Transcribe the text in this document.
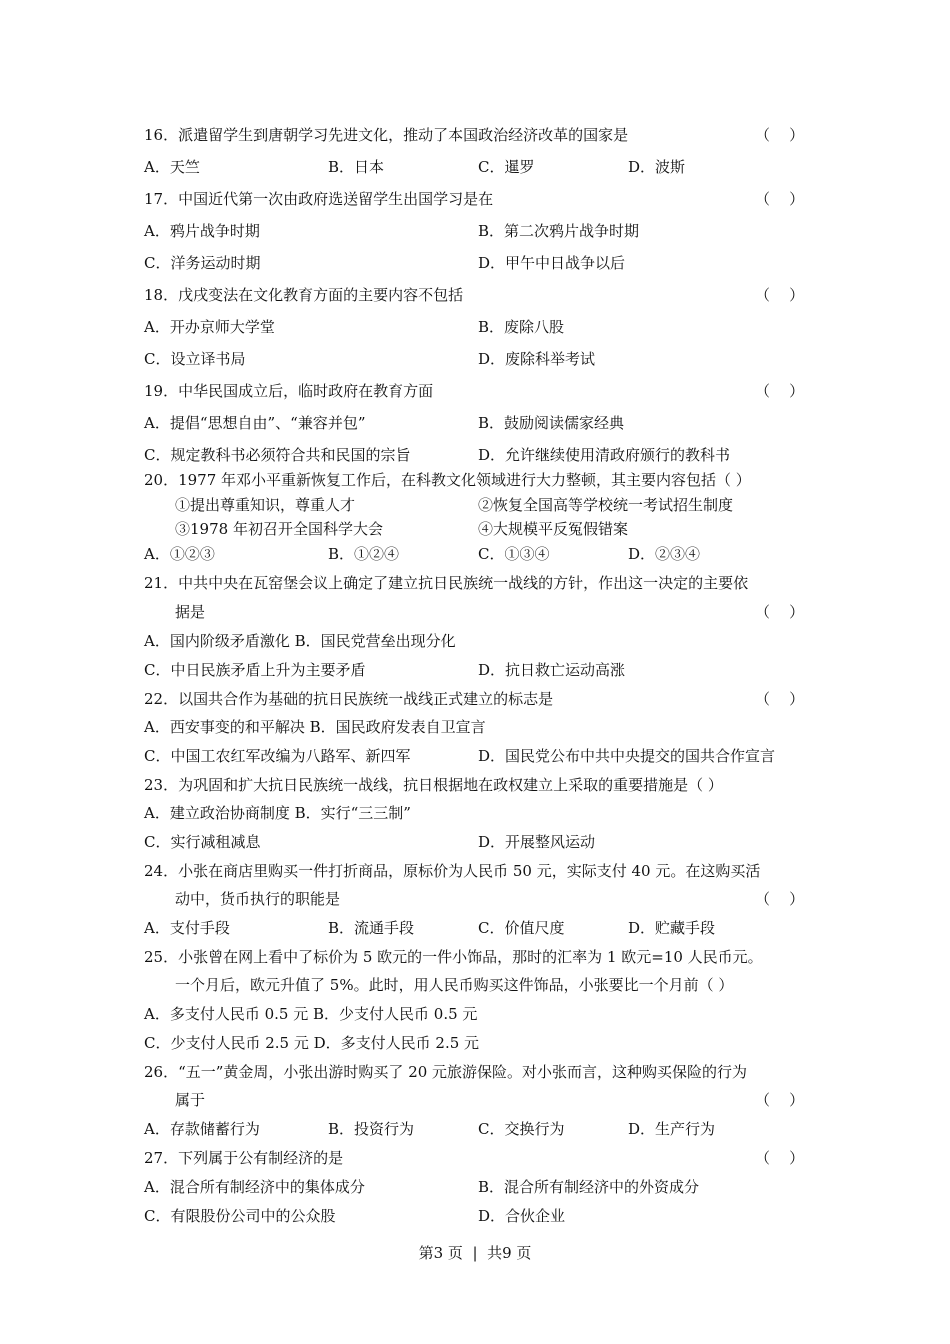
16．派遣留学生到唐朝学习先进文化，推动了本国政治经济改革的国家是	（    ）
A．天竺	B．日本	C．暹罗	D．波斯
17．中国近代第一次由政府选送留学生出国学习是在	（    ）
A．鸦片战争时期	B．第二次鸦片战争时期
C．洋务运动时期	D．甲午中日战争以后
18．戊戌变法在文化教育方面的主要内容不包括	（    ）
A．开办京师大学堂	B．废除八股
C．设立译书局	D．废除科举考试
19．中华民国成立后，临时政府在教育方面	（    ）
A．提倡“思想自由”、“兼容并包”	B．鼓励阅读儒家经典
C．规定教科书必须符合共和民国的宗旨	D．允许继续使用清政府颁行的教科书
20．1977 年邓小平重新恢复工作后，在科教文化领域进行大力整顿，其主要内容包括（ ）
①提出尊重知识，尊重人才	②恢复全国高等学校统一考试招生制度
③1978 年初召开全国科学大会	④大规模平反冤假错案
A．①②③	B．①②④	C．①③④	D．②③④
21．中共中央在瓦窑堡会议上确定了建立抗日民族统一战线的方针，作出这一决定的主要依
据是	（    ）
A．国内阶级矛盾激化 B．国民党营垒出现分化
C．中日民族矛盾上升为主要矛盾	D．抗日救亡运动高涨
22．以国共合作为基础的抗日民族统一战线正式建立的标志是	（    ）
A．西安事变的和平解决 B．国民政府发表自卫宣言
C．中国工农红军改编为八路军、新四军	D．国民党公布中共中央提交的国共合作宣言
23．为巩固和扩大抗日民族统一战线，抗日根据地在政权建立上采取的重要措施是（ ）
A．建立政治协商制度 B．实行“三三制”
C．实行减租减息	D．开展整风运动
24．小张在商店里购买一件打折商品，原标价为人民币 50 元，实际支付 40 元。在这购买活
动中，货币执行的职能是	（    ）
A．支付手段	B．流通手段	C．价值尺度	D．贮藏手段
25．小张曾在网上看中了标价为 5 欧元的一件小饰品，那时的汇率为 1 欧元=10 人民币元。
一个月后，欧元升值了 5%。此时，用人民币购买这件饰品，小张要比一个月前（ ）
A．多支付人民币 0.5 元 B．少支付人民币 0.5 元
C．少支付人民币 2.5 元 D．多支付人民币 2.5 元
26．“五一”黄金周，小张出游时购买了 20 元旅游保险。对小张而言，这种购买保险的行为
属于	（    ）
A．存款储蓄行为	B．投资行为	C．交换行为	D．生产行为
27．下列属于公有制经济的是	（    ）
A．混合所有制经济中的集体成分	B．混合所有制经济中的外资成分
C．有限股份公司中的公众股	D．合伙企业
第3 页 | 共9 页
